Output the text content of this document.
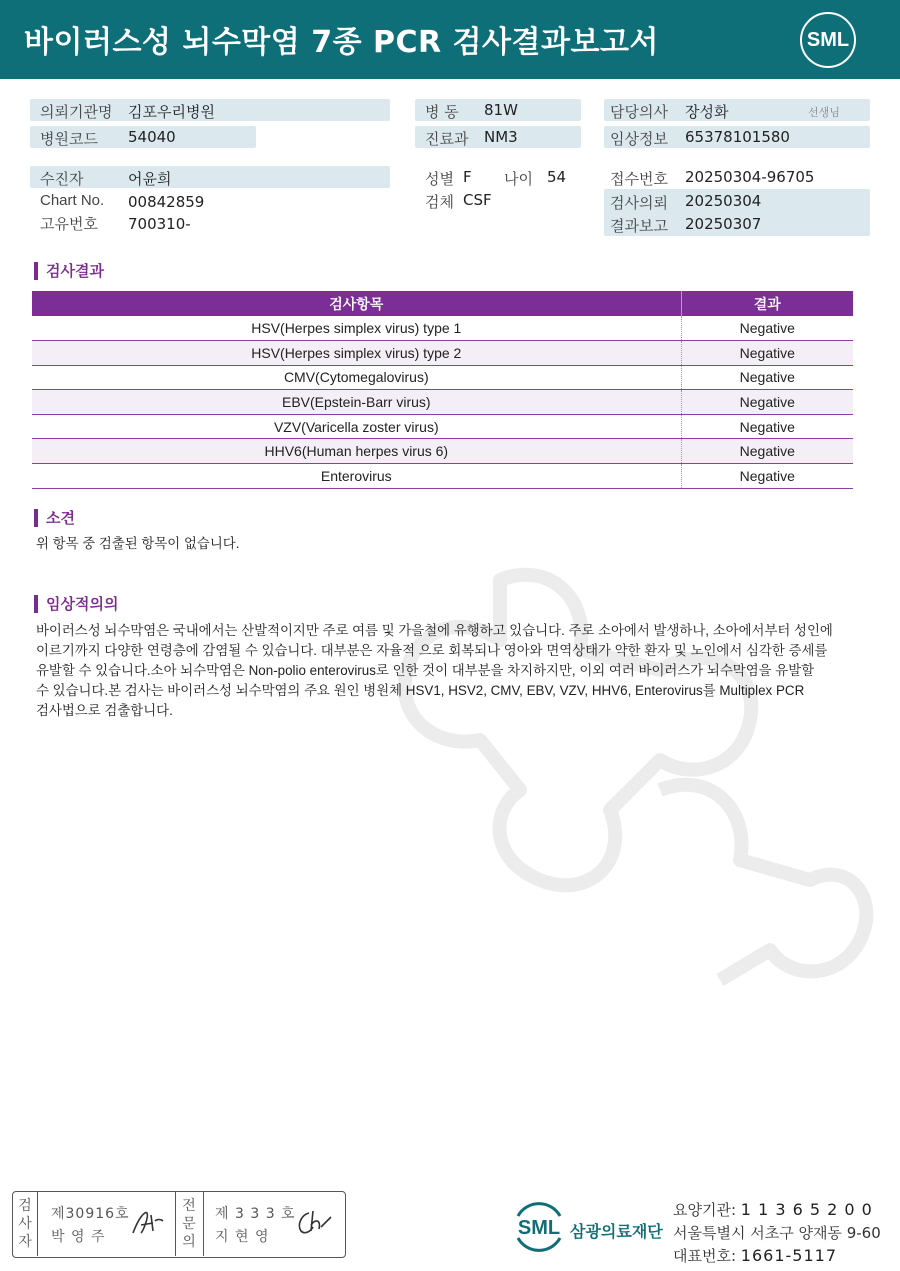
바이러스성 뇌수막염 7종 PCR 검사결과보고서	SML
의뢰기관명 김포우리병원
병원코드 54040
수진자	어윤희
Chart No. 00842859
고유번호 700310-
병 동 81W
진료과 NM3
성별 F 나이 54
검체 CSF
담당의사 장성화	선생님
임상정보 65378101580
접수번호 20250304-96705
검사의뢰 20250304
결과보고 20250307
검사결과
검사항목	결과
HSV(Herpes simplex virus) type 1	Negative
HSV(Herpes simplex virus) type 2	Negative
CMV(Cytomegalovirus)	Negative
EBV(Epstein-Barr virus)	Negative
VZV(Varicella zoster virus)	Negative
HHV6(Human herpes virus 6)	Negative
Enterovirus	Negative
소견
위 항목 중 검출된 항목이 없습니다.
임상적의의
바이러스성 뇌수막염은 국내에서는 산발적이지만 주로 여름 및 가을철에 유행하고 있습니다. 주로 소아에서 발생하나, 소아에서부터 성인에
이르기까지 다양한 연령층에 감염될 수 있습니다. 대부분은 자율적 으로 회복되나 영아와 면역상태가 약한 환자 및 노인에서 심각한 증세를
유발할 수 있습니다.소아 뇌수막염은 Non-polio enterovirus로 인한 것이 대부분을 차지하지만, 이외 여러 바이러스가 뇌수막염을 유발할
수 있습니다.본 검사는 바이러스성 뇌수막염의 주요 원인 병원체 HSV1, HSV2, CMV, EBV, VZV, HHV6, Enterovirus를 Multiplex PCR
검사법으로 검출합니다.
검
사
자
제30916호
박 영 주
전
문
의
제 3 3 3 호
지 현 영	SML 삼광의료재단
요양기관: 1 1 3 6 5 2 0 0
서울특별시 서초구 양재동 9-60
대표번호: 1661-5117
